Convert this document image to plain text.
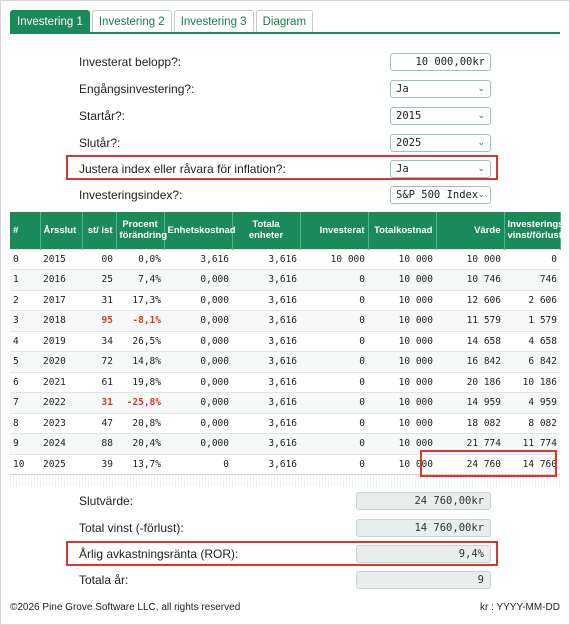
Investering 1	Investering 2	Investering 3	Diagram
Investerat belopp?:	10 000,00kr
Engångsinvestering?:	Ja	⌄
Startår?:	2015	⌄
Slutår?:	2025	⌄
Justera index eller råvara för inflation?:	Ja	⌄
Investeringsindex?:	S&P 500 Index ⌄
#	Årsslut	st/ ist	Procent förändring	Enhetskostnad	Totala enheter	Investerat	Totalkostnad	Värde	Investerings vinst/förlust
0	2015	00	0,0%	3,616	3,616	10 000	10 000	10 000	0
1	2016	25	7,4%	0,000	3,616	0	10 000	10 746	746
2	2017	31	17,3%	0,000	3,616	0	10 000	12 606	2 606
3	2018	95	-8,1%	0,000	3,616	0	10 000	11 579	1 579
4	2019	34	26,5%	0,000	3,616	0	10 000	14 658	4 658
5	2020	72	14,8%	0,000	3,616	0	10 000	16 842	6 842
6	2021	61	19,8%	0,000	3,616	0	10 000	20 186	10 186
7	2022	31	-25,8%	0,000	3,616	0	10 000	14 959	4 959
8	2023	47	20,8%	0,000	3,616	0	10 000	18 082	8 082
9	2024	88	20,4%	0,000	3,616	0	10 000	21 774	11 774
10	2025	39	13,7%	0	3,616	0	10 000	24 760	14 760
Slutvärde:	24 760,00kr
Total vinst (-förlust):	14 760,00kr
Årlig avkastningsränta (ROR):	9,4%
Totala år:	9
©2026 Pine Grove Software LLC, all rights reserved	kr : YYYY-MM-DD
